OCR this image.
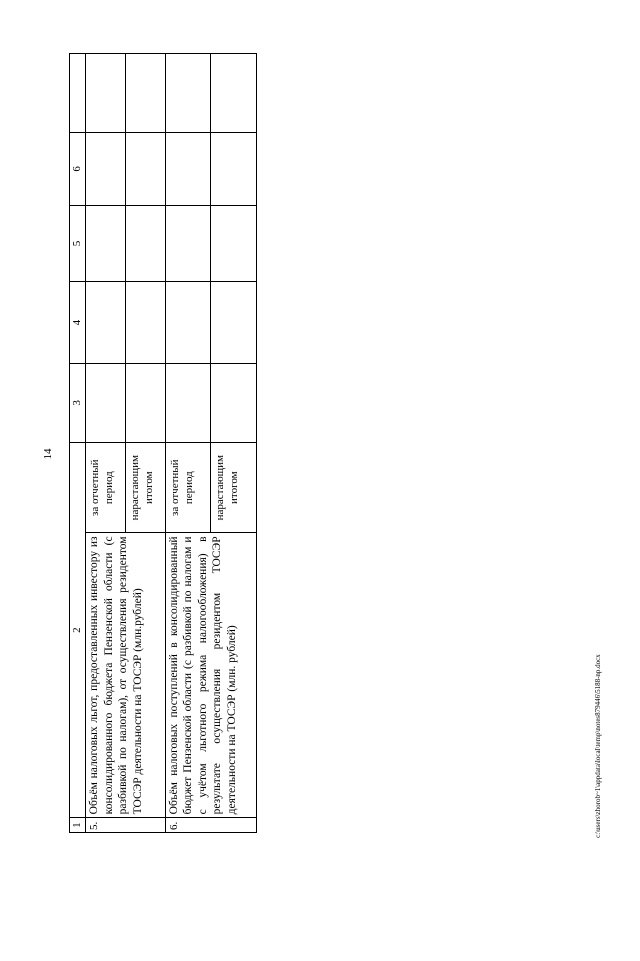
14
1	2		3	4	5	6	
5.	Объём налоговых льгот, предоставленных инвестору из консолидированного бюджета Пензенской области (с разбивкой по налогам), от осуществления резидентом ТОСЭР деятельности на ТОСЭР (млн.рублей)	за отчетный период					
		нарастающим итогом					
6.	Объём налоговых поступлений в консолидированный бюджет Пензенской области (с разбивкой по налогам и с учётом льготного режима налогообложения) в результате осуществления резидентом ТОСЭР деятельности на ТОСЭР (млн. рублей)	за отчетный период					
		нарастающим итогом					
c:\users\zhorob~1\appdata\local\temp\notes879446\5188-np.docx
